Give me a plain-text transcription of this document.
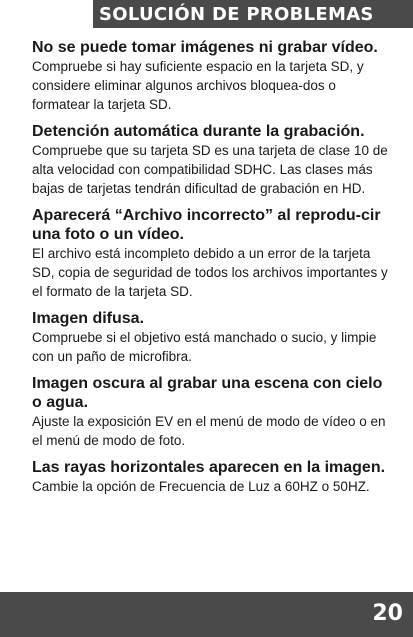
SOLUCIÓN DE PROBLEMAS

No se puede tomar imágenes ni grabar vídeo.

Compruebe si hay suficiente espacio en la tarjeta SD, y considere eliminar algunos archivos bloquea-dos o formatear la tarjeta SD.

Detención automática durante la grabación.

Compruebe que su tarjeta SD es una tarjeta de clase 10 de alta velocidad con compatibilidad SDHC. Las clases más bajas de tarjetas tendrán dificultad de grabación en HD.

Aparecerá “Archivo incorrecto” al reprodu-cir una foto o un vídeo.

El archivo está incompleto debido a un error de la tarjeta SD, copia de seguridad de todos los archivos importantes y el formato de la tarjeta SD.

Imagen difusa.

Compruebe si el objetivo está manchado o sucio, y limpie con un paño de microfibra.

Imagen oscura al grabar una escena con cielo o agua.

Ajuste la exposición EV en el menú de modo de vídeo o en el menú de modo de foto.

Las rayas horizontales aparecen en la imagen.

Cambie la opción de Frecuencia de Luz a 60HZ o 50HZ.

20
